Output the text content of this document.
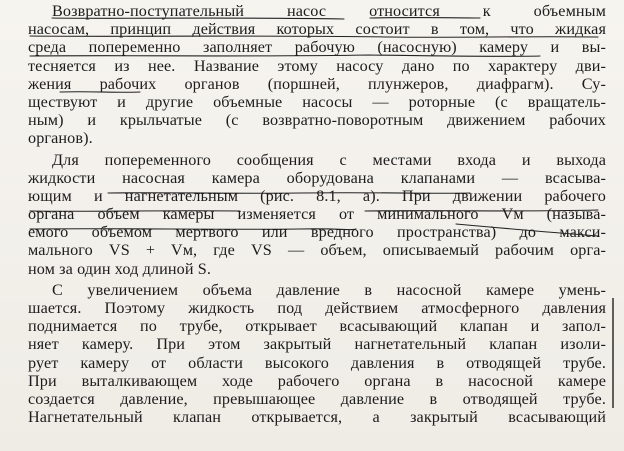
Возвратно-поступательный насос относится к объемным
насосам, принцип действия которых состоит в том, что жидкая
среда попеременно заполняет рабочую (насосную) камеру и вы-
тесняется из нее. Название этому насосу дано по характеру дви-
жения рабочих органов (поршней, плунжеров, диафрагм). Су-
ществуют и другие объемные насосы — роторные (с вращатель-
ным) и крыльчатые (с возвратно-поворотным движением рабочих
органов).
Для попеременного сообщения с местами входа и выхода
жидкости насосная камера оборудована клапанами — всасыва-
ющим и нагнетательным (рис. 8.1, а). При движении рабочего
органа объем камеры изменяется от минимального Vм (называ-
емого объемом мертвого или вредного пространства) до макси-
мального VS + Vм, где VS — объем, описываемый рабочим орга-
ном за один ход длиной S.
С увеличением объема давление в насосной камере умень-
шается. Поэтому жидкость под действием атмосферного давления
поднимается по трубе, открывает всасывающий клапан и запол-
няет камеру. При этом закрытый нагнетательный клапан изоли-
рует камеру от области высокого давления в отводящей трубе.
При выталкивающем ходе рабочего органа в насосной камере
создается давление, превышающее давление в отводящей трубе.
Нагнетательный клапан открывается, а закрытый всасывающий
